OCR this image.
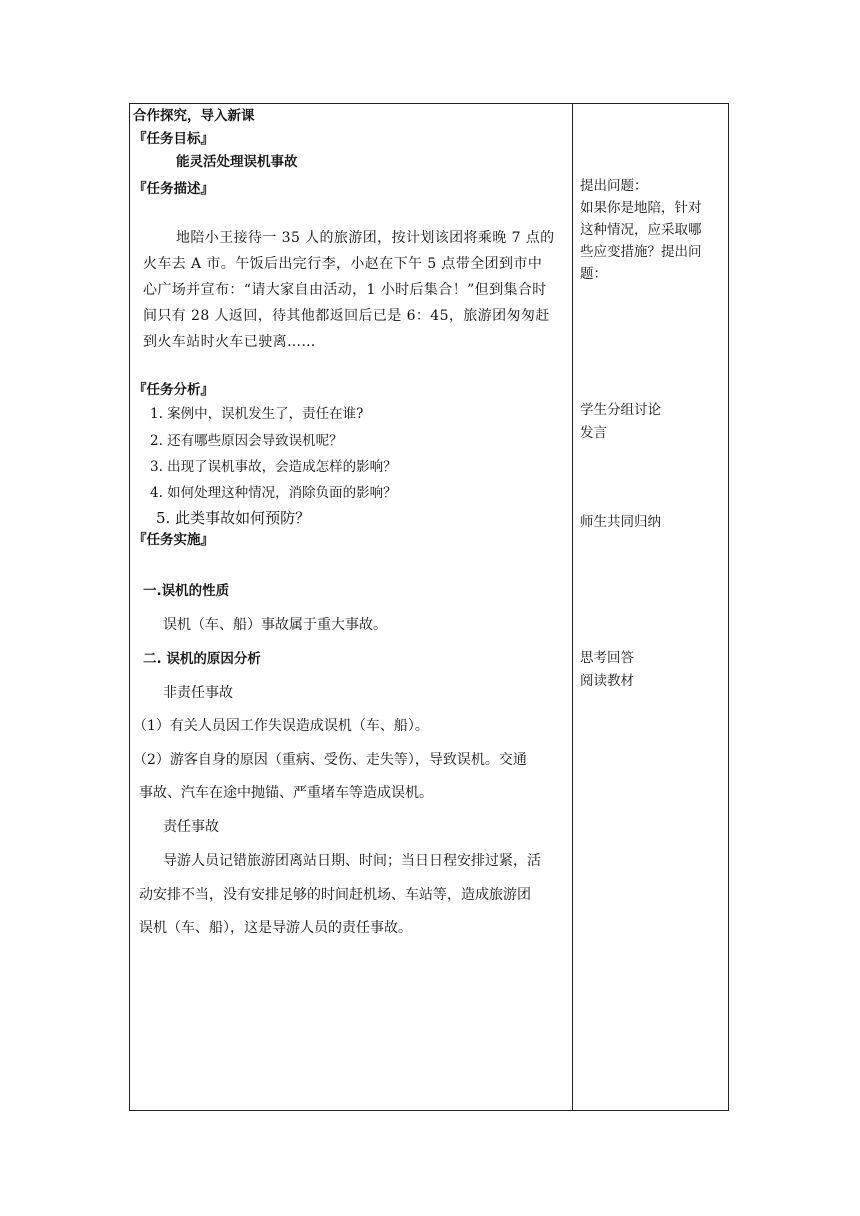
合作探究，导入新课
『任务目标』
能灵活处理误机事故
『任务描述』
地陪小王接待一 35 人的旅游团，按计划该团将乘晚 7 点的
火车去 A 市。午饭后出完行李，小赵在下午 5 点带全团到市中
心广场并宣布：“请大家自由活动，1 小时后集合！”但到集合时
间只有 28 人返回，待其他都返回后已是 6：45，旅游团匆匆赶
到火车站时火车已驶离……
『任务分析』
1. 案例中，误机发生了，责任在谁?
2. 还有哪些原因会导致误机呢？
3. 出现了误机事故，会造成怎样的影响？
4. 如何处理这种情况，消除负面的影响？
5. 此类事故如何预防？
『任务实施』
一.误机的性质
误机（车、船）事故属于重大事故。
二. 误机的原因分析
非责任事故
（1）有关人员因工作失误造成误机（车、船）。
（2）游客自身的原因（重病、受伤、走失等），导致误机。交通
事故、汽车在途中抛锚、严重堵车等造成误机。
责任事故
导游人员记错旅游团离站日期、时间；当日日程安排过紧，活
动安排不当，没有安排足够的时间赶机场、车站等，造成旅游团
误机（车、船），这是导游人员的责任事故。
提出问题：
如果你是地陪，针对
这种情况，应采取哪
些应变措施？提出问
题：
学生分组讨论
发言
师生共同归纳
思考回答
阅读教材
